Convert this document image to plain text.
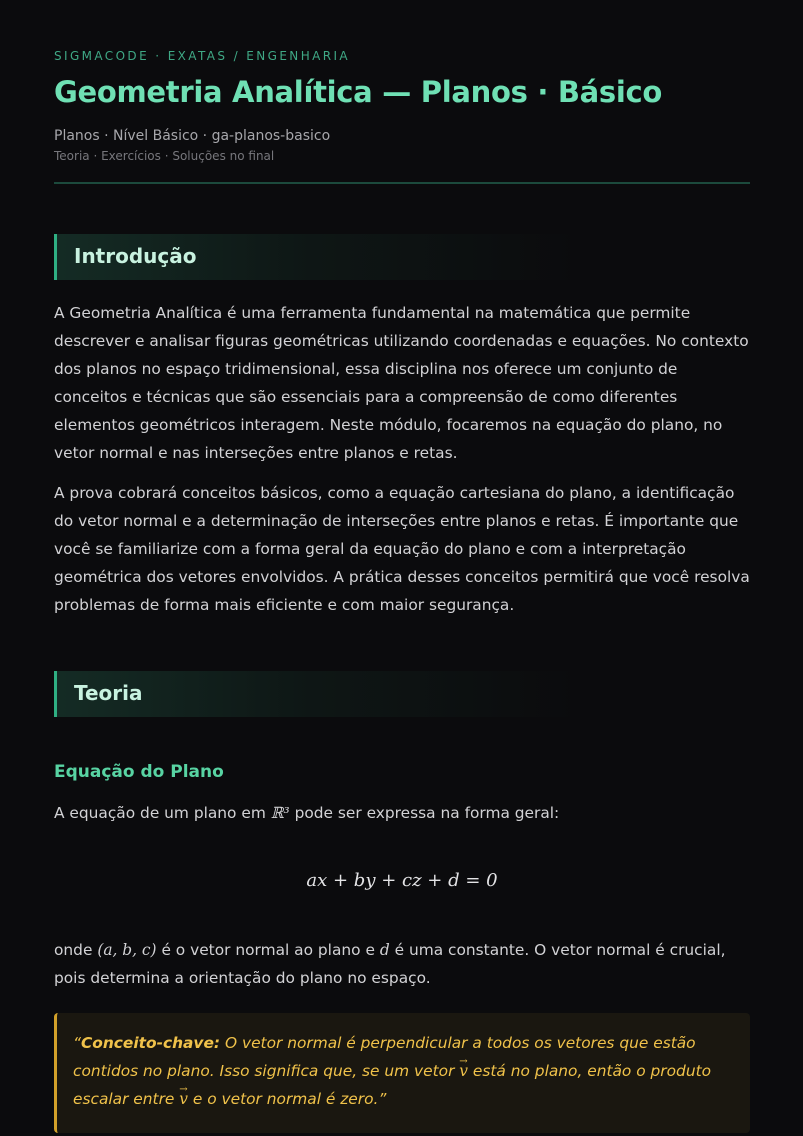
SIGMACODE · EXATAS / ENGENHARIA

Geometria Analítica — Planos · Básico
Planos · Nível Básico · ga-planos-basico
Teoria · Exercícios · Soluções no final
Introdução

A Geometria Analítica é uma ferramenta fundamental na matemática que permite descrever e analisar figuras geométricas utilizando coordenadas e equações. No contexto dos planos no espaço tridimensional, essa disciplina nos oferece um conjunto de conceitos e técnicas que são essenciais para a compreensão de como diferentes elementos geométricos interagem. Neste módulo, focaremos na equação do plano, no vetor normal e nas interseções entre planos e retas.

A prova cobrará conceitos básicos, como a equação cartesiana do plano, a identificação do vetor normal e a determinação de interseções entre planos e retas. É importante que você se familiarize com a forma geral da equação do plano e com a interpretação geométrica dos vetores envolvidos. A prática desses conceitos permitirá que você resolva problemas de forma mais eficiente e com maior segurança.

Teoria
Equação do Plano

A equação de um plano em ℝ³ pode ser expressa na forma geral:

ax + by + cz + d = 0

onde (a, b, c) é o vetor normal ao plano e d é uma constante. O vetor normal é crucial, pois determina a orientação do plano no espaço.

“Conceito-chave: O vetor normal é perpendicular a todos os vetores que estão contidos no plano. Isso significa que, se um vetor → v está no plano, então o produto escalar entre → v e o vetor normal é zero.”
